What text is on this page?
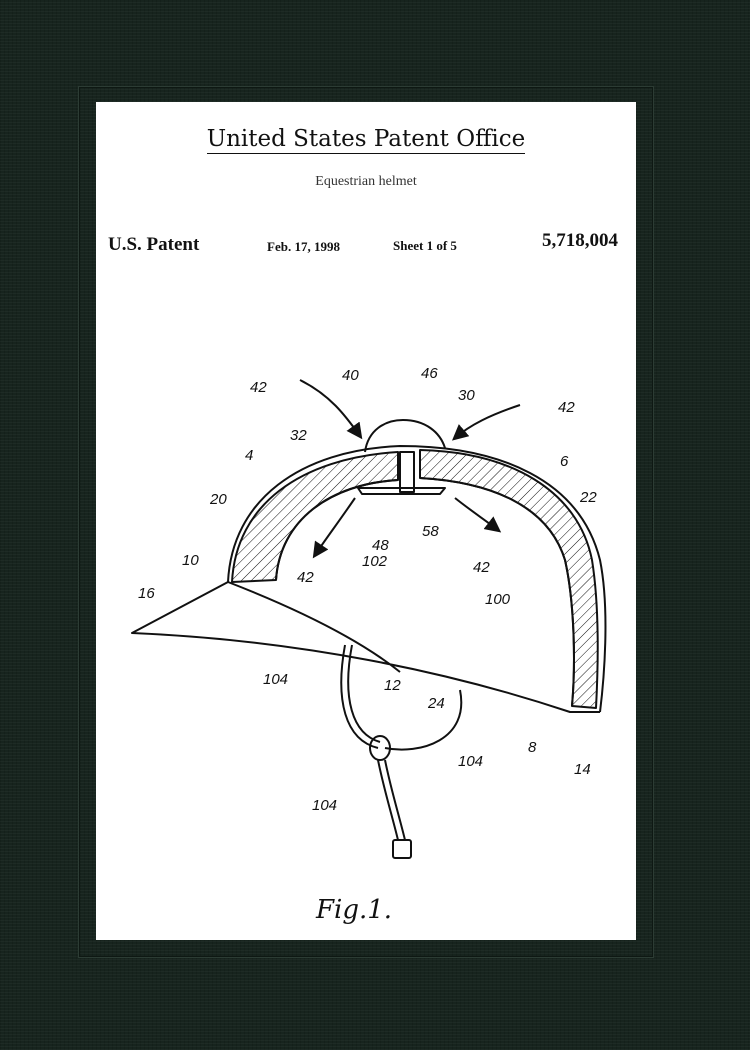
United States Patent Office
Equestrian helmet
U.S. Patent	Feb. 17, 1998	Sheet 1 of 5	5,718,004
42
40	46
30
42
32
4	6
20	22
10
58
48
102
42
42
100
16
104	12
24
104
8
14
104
Fig.1.
